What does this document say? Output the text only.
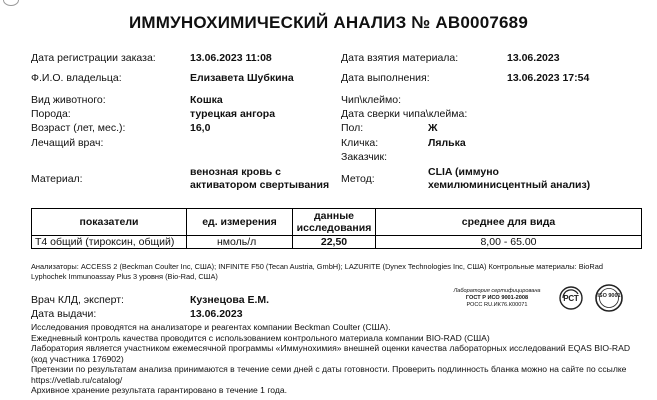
ИММУНОХИМИЧЕСКИЙ АНАЛИЗ № AB0007689
Дата регистрации заказа:	13.06.2023 11:08
Ф.И.О. владельца:	Елизавета Шубкина
Вид животного:	Кошка
Порода:	турецкая ангора
Возраст (лет, мес.):	16,0
Лечащий врач:
Материал:
венозная кровь с активатором свертывания
Дата взятия материала:	13.06.2023
Дата выполнения:	13.06.2023 17:54
Чип\клеймо:
Дата сверки чипа\клейма:
Пол:	Ж
Кличка:	Лялька
Заказчик:
Метод:
CLIA (иммуно хемилюминисцентный анализ)
показатели	ед. измерения	данные исследования	среднее для вида
T4 общий (тироксин, общий)	нмоль/л	22,50	8,00 - 65.00
Анализаторы: ACCESS 2 (Beckman Coulter Inc, США); INFINITE F50 (Tecan Austria, GmbH); LAZURITE (Dynex Technologies Inc, США) Контрольные материалы: BioRad Lyphochek Immunoassay Plus 3 уровня (Bio-Rad, США)
Врач КЛД, эксперт:	Кузнецова Е.М.
Дата выдачи:	13.06.2023
Лаборатория сертифицирована
ГОСТ Р ИСО 9001-2008
РОСС RU.ИК76.К00071
РСТ	ISO 9001
Исследования проводятся на анализаторе и реагентах компании Beckman Coulter (США).
Ежедневный контроль качества проводится с использованием контрольного материала компании BIO-RAD (США)
Лаборатория является участником ежемесячной программы «Иммунохимия» внешней оценки качества лабораторных исследований EQAS BIO-RAD (код участника 176902)
Претензии по результатам анализа принимаются в течение семи дней с даты готовности. Проверить подлинность бланка можно на сайте по ссылке https://vetlab.ru/catalog/
Архивное хранение результата гарантировано в течение 1 года.
